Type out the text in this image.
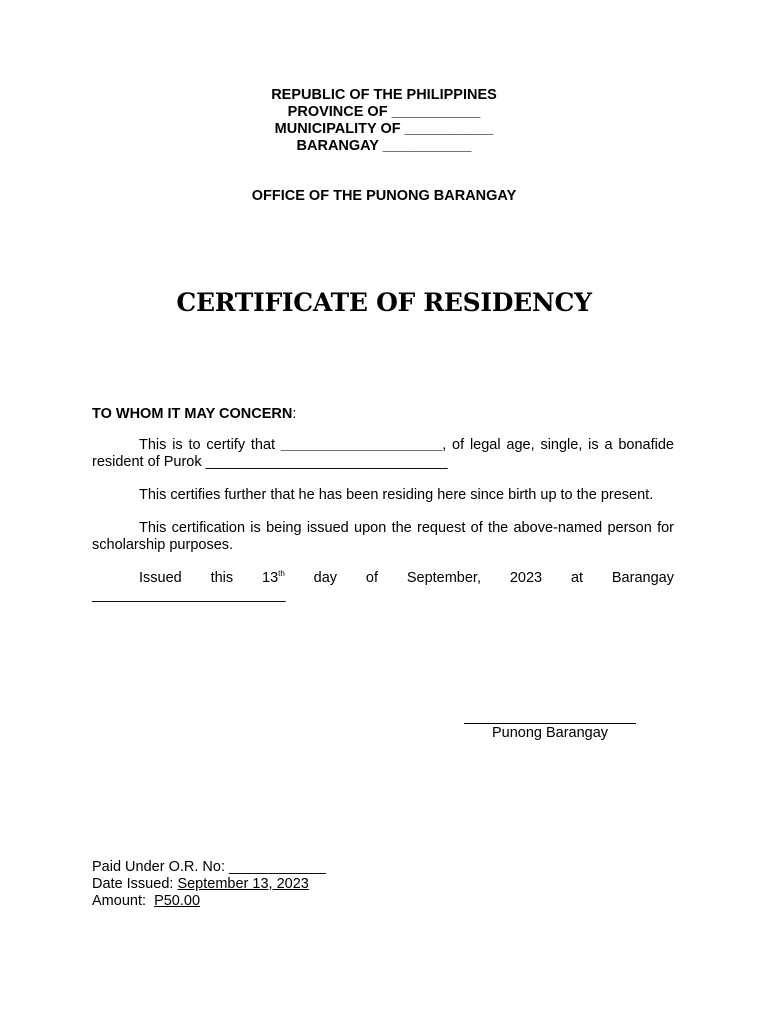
REPUBLIC OF THE PHILIPPINES
PROVINCE OF ___________
MUNICIPALITY OF ___________
BARANGAY ___________
OFFICE OF THE PUNONG BARANGAY
CERTIFICATE OF RESIDENCY
TO WHOM IT MAY CONCERN:

This is to certify that ____________________, of legal age, single, is a bonafide resident of Purok ______________________________

This certifies further that he has been residing here since birth up to the present.

This certification is being issued upon the request of the above-named person for scholarship purposes.

Issued this 13th day of September, 2023 at Barangay
________________________
Punong Barangay
Paid Under O.R. No: ____________
Date Issued: September 13, 2023
Amount:  P50.00
